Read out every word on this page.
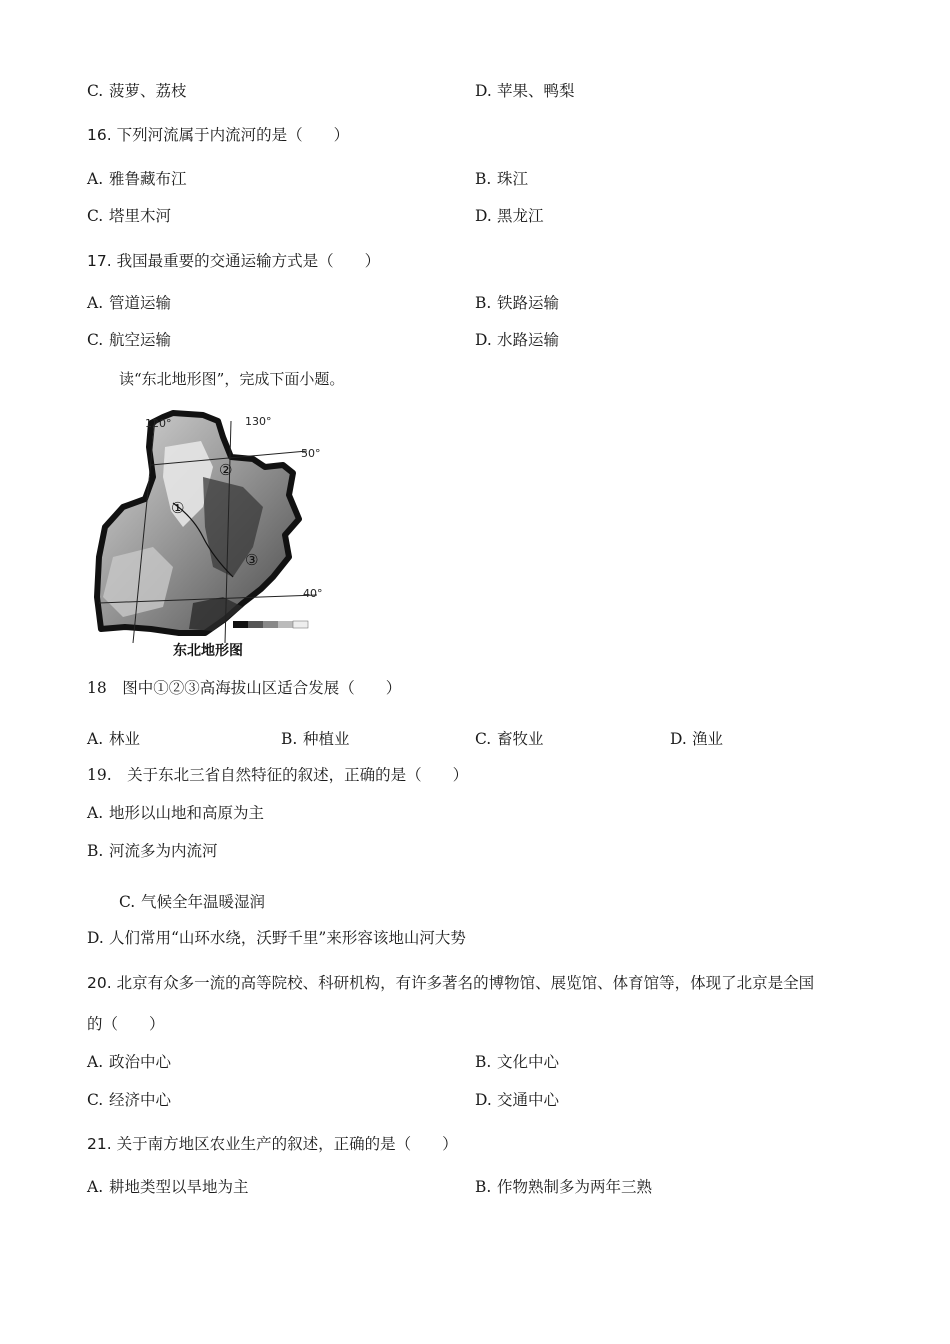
C. 菠萝、荔枝	D. 苹果、鸭梨
16. 下列河流属于内流河的是（　　）
A. 雅鲁藏布江	B. 珠江
C. 塔里木河	D. 黑龙江
17. 我国最重要的交通运输方式是（　　）
A. 管道运输	B. 铁路运输
C. 航空运输	D. 水路运输
读“东北地形图”，完成下面小题。
120°	130°
50°
40°
①
②
③
东北地形图
18　图中①②③高海拔山区适合发展（　　）
A. 林业	B. 种植业	C. 畜牧业	D. 渔业
19.　关于东北三省自然特征的叙述，正确的是（　　）
A. 地形以山地和高原为主
B. 河流多为内流河
C. 气候全年温暖湿润
D. 人们常用“山环水绕，沃野千里”来形容该地山河大势
20. 北京有众多一流的高等院校、科研机构，有许多著名的博物馆、展览馆、体育馆等，体现了北京是全国
的（　　）
A. 政治中心	B. 文化中心
C. 经济中心	D. 交通中心
21. 关于南方地区农业生产的叙述，正确的是（　　）
A. 耕地类型以旱地为主	B. 作物熟制多为两年三熟
